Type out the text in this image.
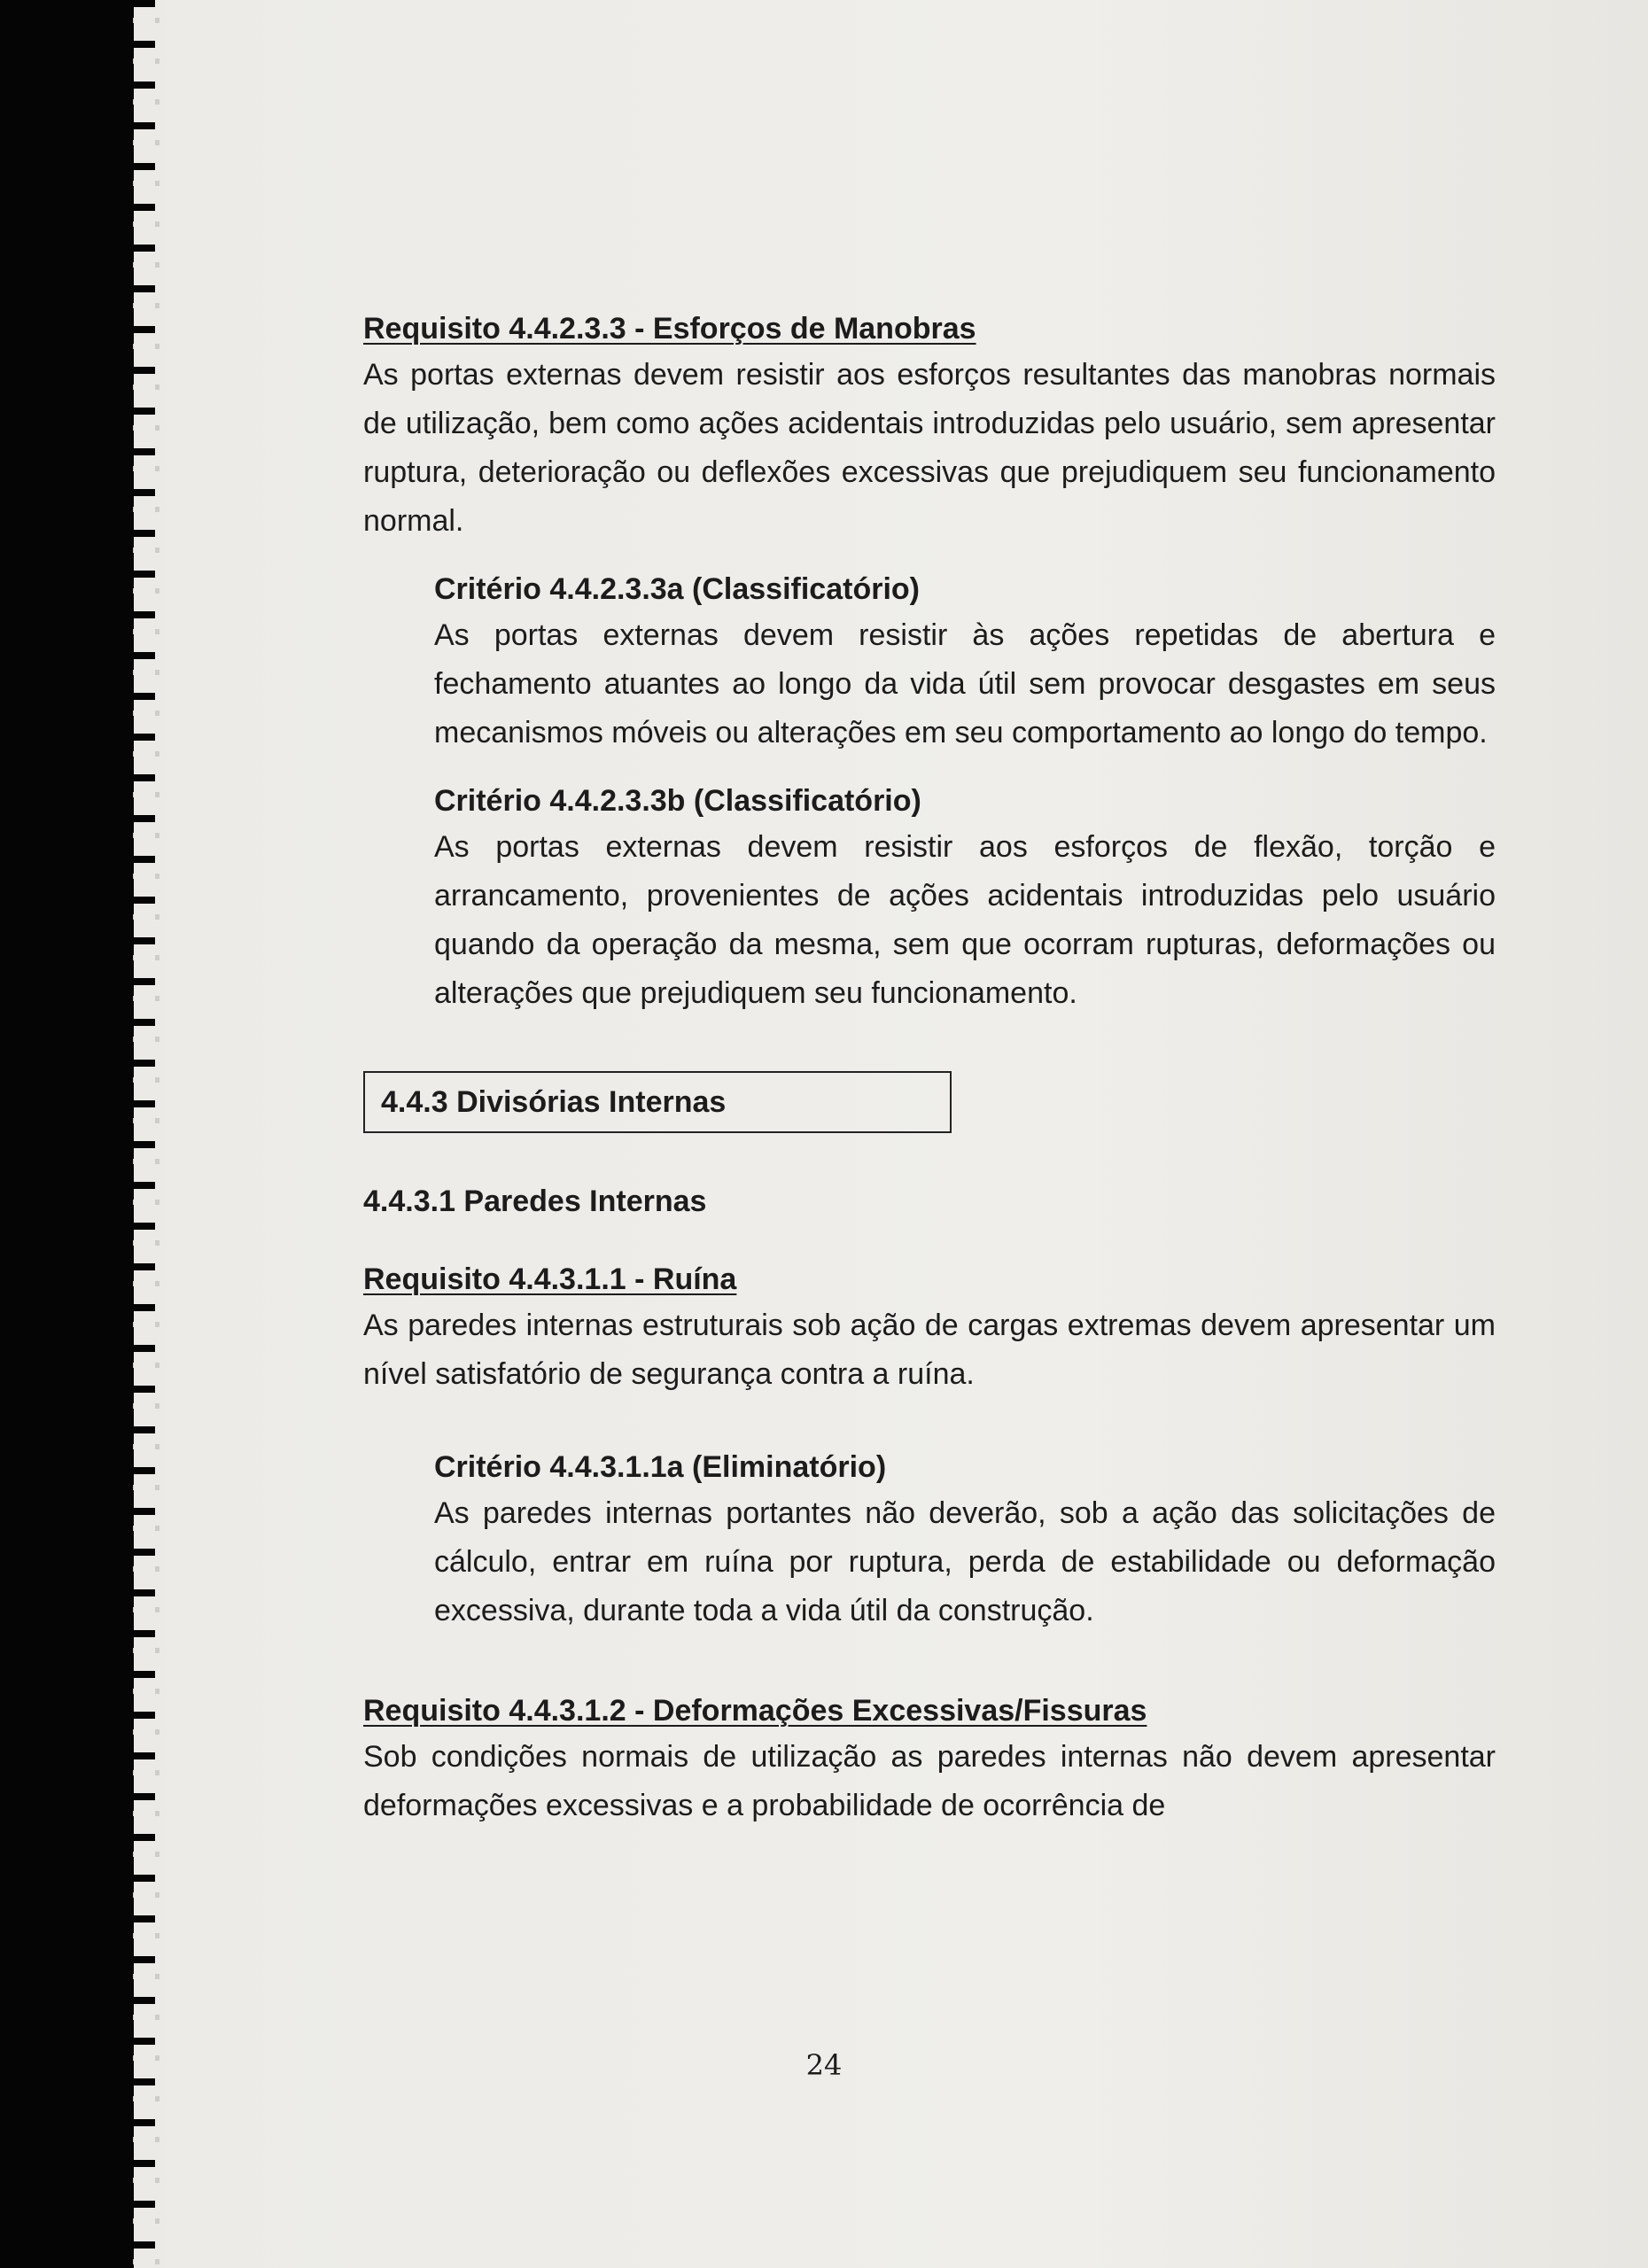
Requisito 4.4.2.3.3 - Esforços de Manobras

As portas externas devem resistir aos esforços resultantes das manobras normais de utilização, bem como ações acidentais introduzidas pelo usuário, sem apresentar ruptura, deterioração ou deflexões excessivas que prejudiquem seu funcionamento normal.

Critério 4.4.2.3.3a (Classificatório)

As portas externas devem resistir às ações repetidas de abertura e fechamento atuantes ao longo da vida útil sem provocar desgastes em seus mecanismos móveis ou alterações em seu comportamento ao longo do tempo.

Critério 4.4.2.3.3b (Classificatório)

As portas externas devem resistir aos esforços de flexão, torção e arrancamento, provenientes de ações acidentais introduzidas pelo usuário quando da operação da mesma, sem que ocorram rupturas, deformações ou alterações que prejudiquem seu funcionamento.

4.4.3 Divisórias Internas
4.4.3.1 Paredes Internas
Requisito 4.4.3.1.1 - Ruína

As paredes internas estruturais sob ação de cargas extremas devem apresentar um nível satisfatório de segurança contra a ruína.

Critério 4.4.3.1.1a (Eliminatório)

As paredes internas portantes não deverão, sob a ação das solicitações de cálculo, entrar em ruína por ruptura, perda de estabilidade ou deformação excessiva, durante toda a vida útil da construção.

Requisito 4.4.3.1.2 - Deformações Excessivas/Fissuras

Sob condições normais de utilização as paredes internas não devem apresentar deformações excessivas e a probabilidade de ocorrência de

24
